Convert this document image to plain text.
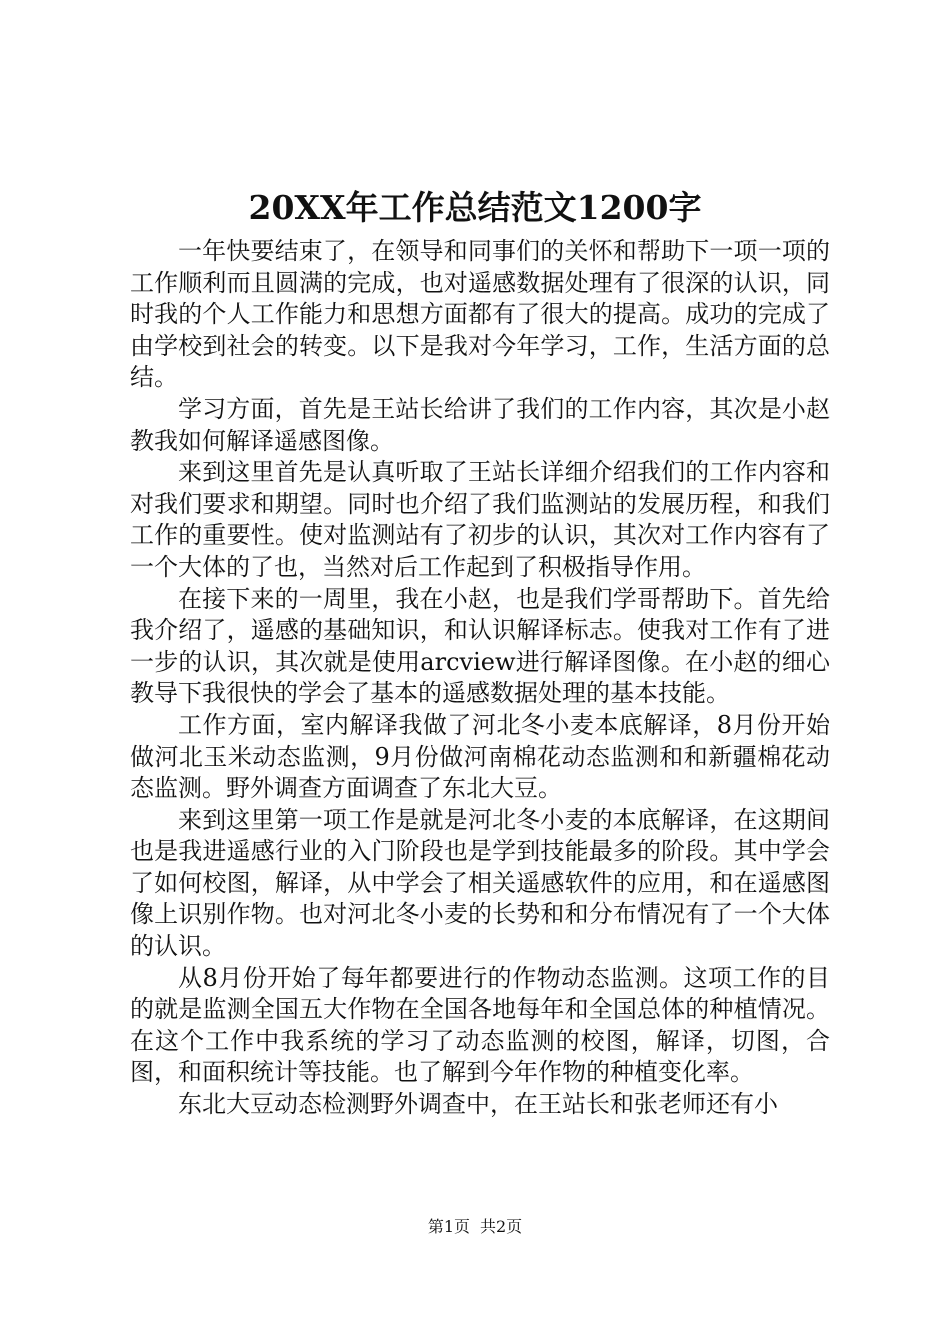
20XX年工作总结范文1200字

一年快要结束了，在领导和同事们的关怀和帮助下一项一项的工作顺利而且圆满的完成，也对遥感数据处理有了很深的认识，同时我的个人工作能力和思想方面都有了很大的提高。成功的完成了由学校到社会的转变。以下是我对今年学习，工作，生活方面的总结。

学习方面，首先是王站长给讲了我们的工作内容，其次是小赵教我如何解译遥感图像。

来到这里首先是认真听取了王站长详细介绍我们的工作内容和对我们要求和期望。同时也介绍了我们监测站的发展历程，和我们工作的重要性。使对监测站有了初步的认识，其次对工作内容有了一个大体的了也，当然对后工作起到了积极指导作用。

在接下来的一周里，我在小赵，也是我们学哥帮助下。首先给我介绍了，遥感的基础知识，和认识解译标志。使我对工作有了进一步的认识，其次就是使用arcview进行解译图像。在小赵的细心教导下我很快的学会了基本的遥感数据处理的基本技能。

工作方面，室内解译我做了河北冬小麦本底解译，8月份开始做河北玉米动态监测，9月份做河南棉花动态监测和和新疆棉花动态监测。野外调查方面调查了东北大豆。

来到这里第一项工作是就是河北冬小麦的本底解译，在这期间也是我进遥感行业的入门阶段也是学到技能最多的阶段。其中学会了如何校图，解译，从中学会了相关遥感软件的应用，和在遥感图像上识别作物。也对河北冬小麦的长势和和分布情况有了一个大体的认识。

从8月份开始了每年都要进行的作物动态监测。这项工作的目的就是监测全国五大作物在全国各地每年和全国总体的种植情况。在这个工作中我系统的学习了动态监测的校图，解译，切图，合图，和面积统计等技能。也了解到今年作物的种植变化率。

东北大豆动态检测野外调查中，在王站长和张老师还有小

第1页 共2页
